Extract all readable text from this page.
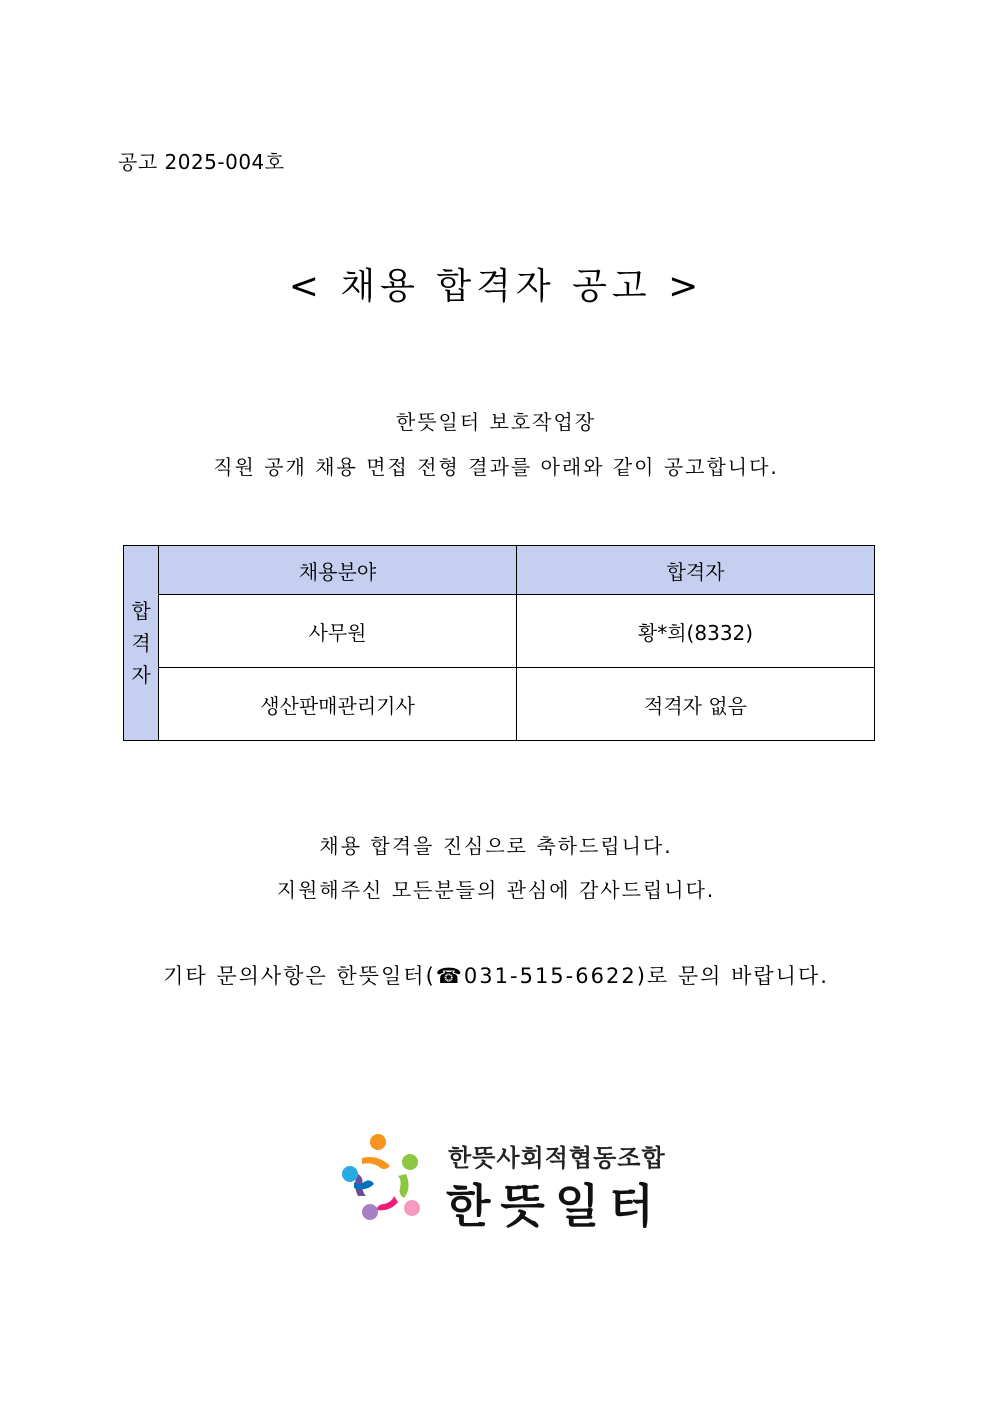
공고 2025-004호
< 채용 합격자 공고 >
한뜻일터 보호작업장
직원 공개 채용 면접 전형 결과를 아래와 같이 공고합니다.
합
격
자	채용분야	합격자
	사무원	황*희(8332)
	생산판매관리기사	적격자 없음
채용 합격을 진심으로 축하드립니다.
지원해주신 모든분들의 관심에 감사드립니다.
기타 문의사항은 한뜻일터(☎031-515-6622)로 문의 바랍니다.
한뜻사회적협동조합
한뜻일터
